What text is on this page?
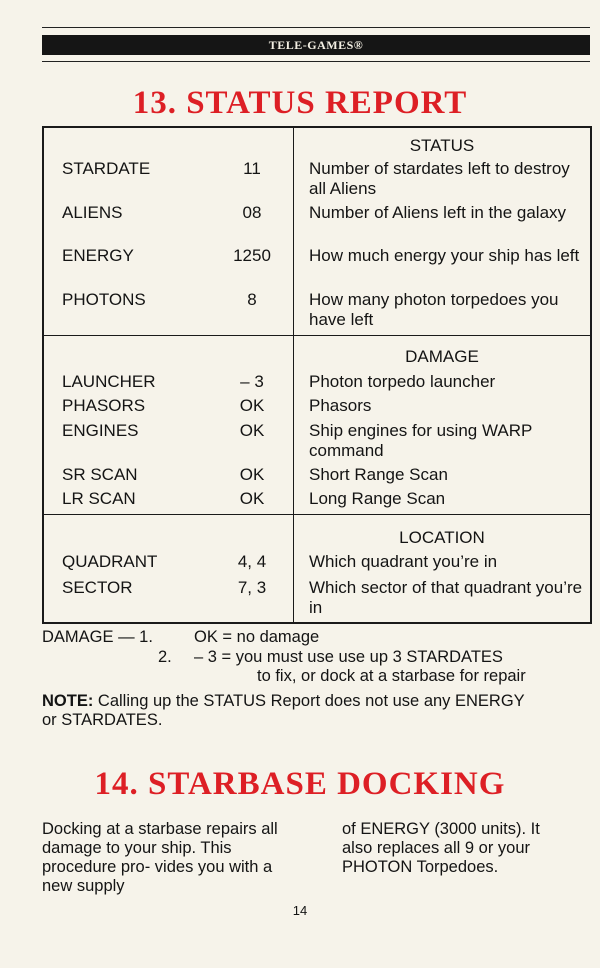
TELE-GAMES®
13. STATUS REPORT
STATUS
STARDATE	11	Number of stardates left to destroy all Aliens
ALIENS	08	Number of Aliens left in the galaxy
ENERGY	1250	How much energy your ship has left
PHOTONS	8	How many photon torpedoes you have left
DAMAGE
LAUNCHER	– 3	Photon torpedo launcher
PHASORS	OK	Phasors
ENGINES	OK	Ship engines for using WARP command
SR SCAN	OK	Short Range Scan
LR SCAN	OK	Long Range Scan
LOCATION
QUADRANT	4, 4	Which quadrant you’re in
SECTOR	7, 3	Which sector of that quadrant you’re in
DAMAGE — 1. OK = no damage
2. – 3 = you must use use up 3 STARDATES
to fix, or dock at a starbase for repair
NOTE: Calling up the STATUS Report does not use any ENERGY or STARDATES.
14. STARBASE DOCKING
Docking at a starbase repairs all damage to your ship. This procedure pro- vides you with a new supply
of ENERGY (3000 units). It also replaces all 9 or your PHOTON Torpedoes.
14
